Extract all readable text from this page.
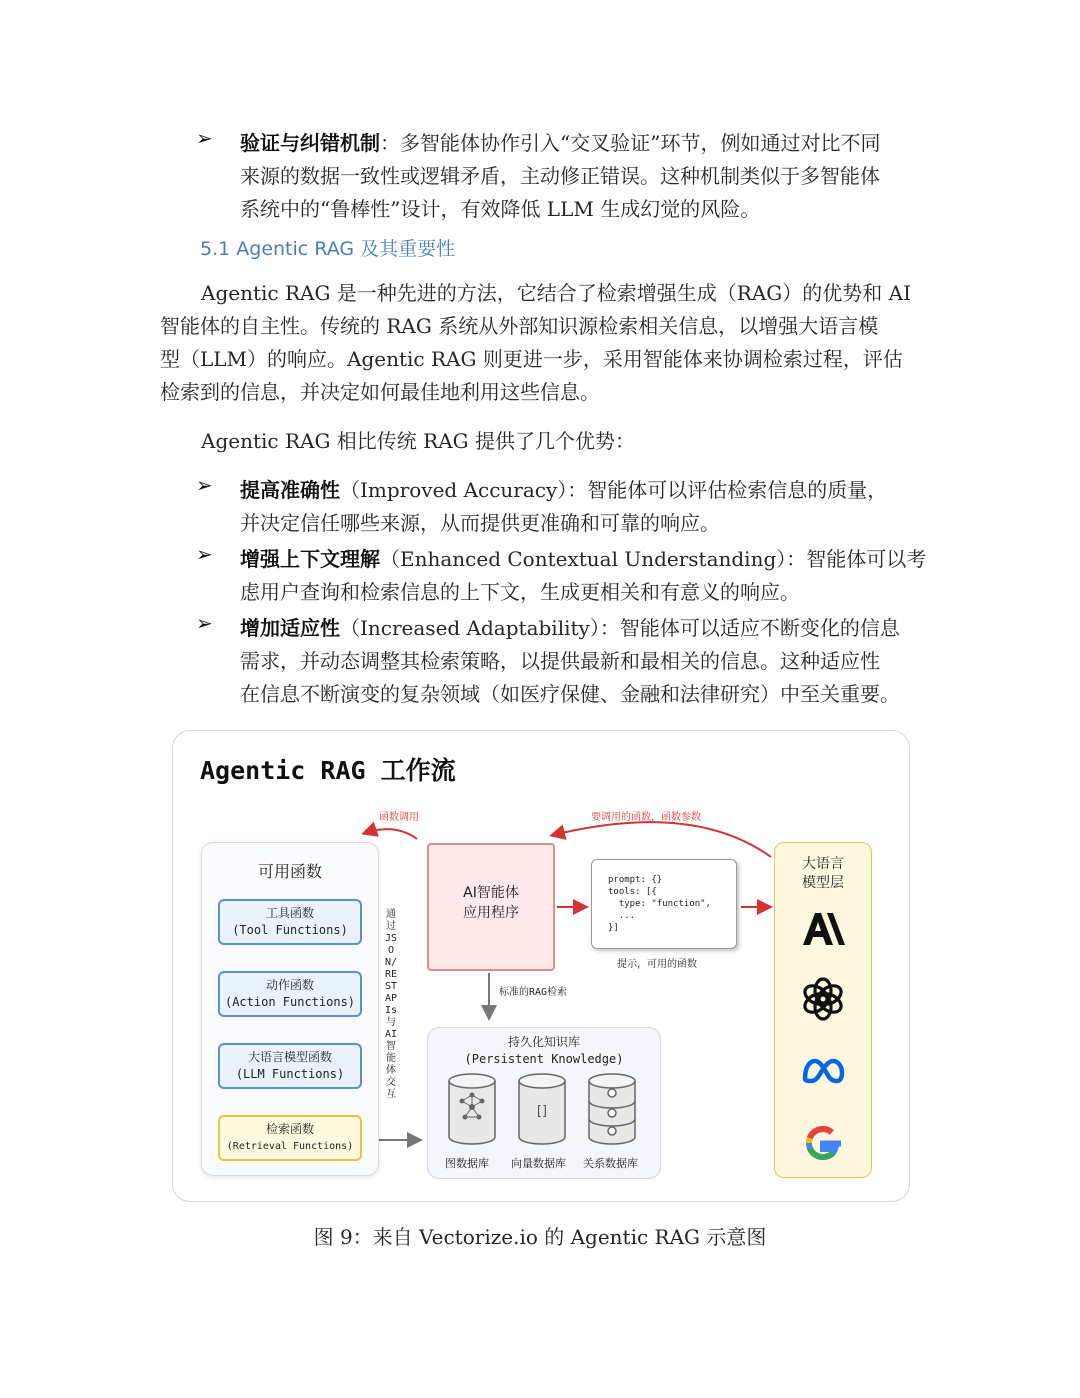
➢ 验证与纠错机制：多智能体协作引入“交叉验证”环节，例如通过对比不同
来源的数据一致性或逻辑矛盾，主动修正错误。这种机制类似于多智能体
系统中的“鲁棒性”设计，有效降低 LLM 生成幻觉的风险。
5.1 Agentic RAG 及其重要性
Agentic RAG 是一种先进的方法，它结合了检索增强生成（RAG）的优势和 AI
智能体的自主性。传统的 RAG 系统从外部知识源检索相关信息，以增强大语言模
型（LLM）的响应。Agentic RAG 则更进一步，采用智能体来协调检索过程，评估
检索到的信息，并决定如何最佳地利用这些信息。
Agentic RAG 相比传统 RAG 提供了几个优势：
➢ 提高准确性（Improved Accuracy）：智能体可以评估检索信息的质量，
并决定信任哪些来源，从而提供更准确和可靠的响应。
➢ 增强上下文理解（Enhanced Contextual Understanding）：智能体可以考
虑用户查询和检索信息的上下文，生成更相关和有意义的响应。
➢ 增加适应性（Increased Adaptability）：智能体可以适应不断变化的信息
需求，并动态调整其检索策略，以提供最新和最相关的信息。这种适应性
在信息不断演变的复杂领域（如医疗保健、金融和法律研究）中至关重要。
Agentic RAG 工作流
函数调用	要调用的函数，函数参数
可用函数
工具函数
(Tool Functions)
动作函数
(Action Functions)
大语言模型函数
(LLM Functions)
检索函数
(Retrieval Functions)
通过JSON/REST APIs与AI智能体交互
AI智能体
应用程序
prompt: {}
tools: [{
type: "function",
...
}]
提示，可用的函数
标准的RAG检索
持久化知识库
(Persistent Knowledge)
[]
图数据库 向量数据库 关系数据库
大语言
模型层
图 9：来自 Vectorize.io 的 Agentic RAG 示意图
